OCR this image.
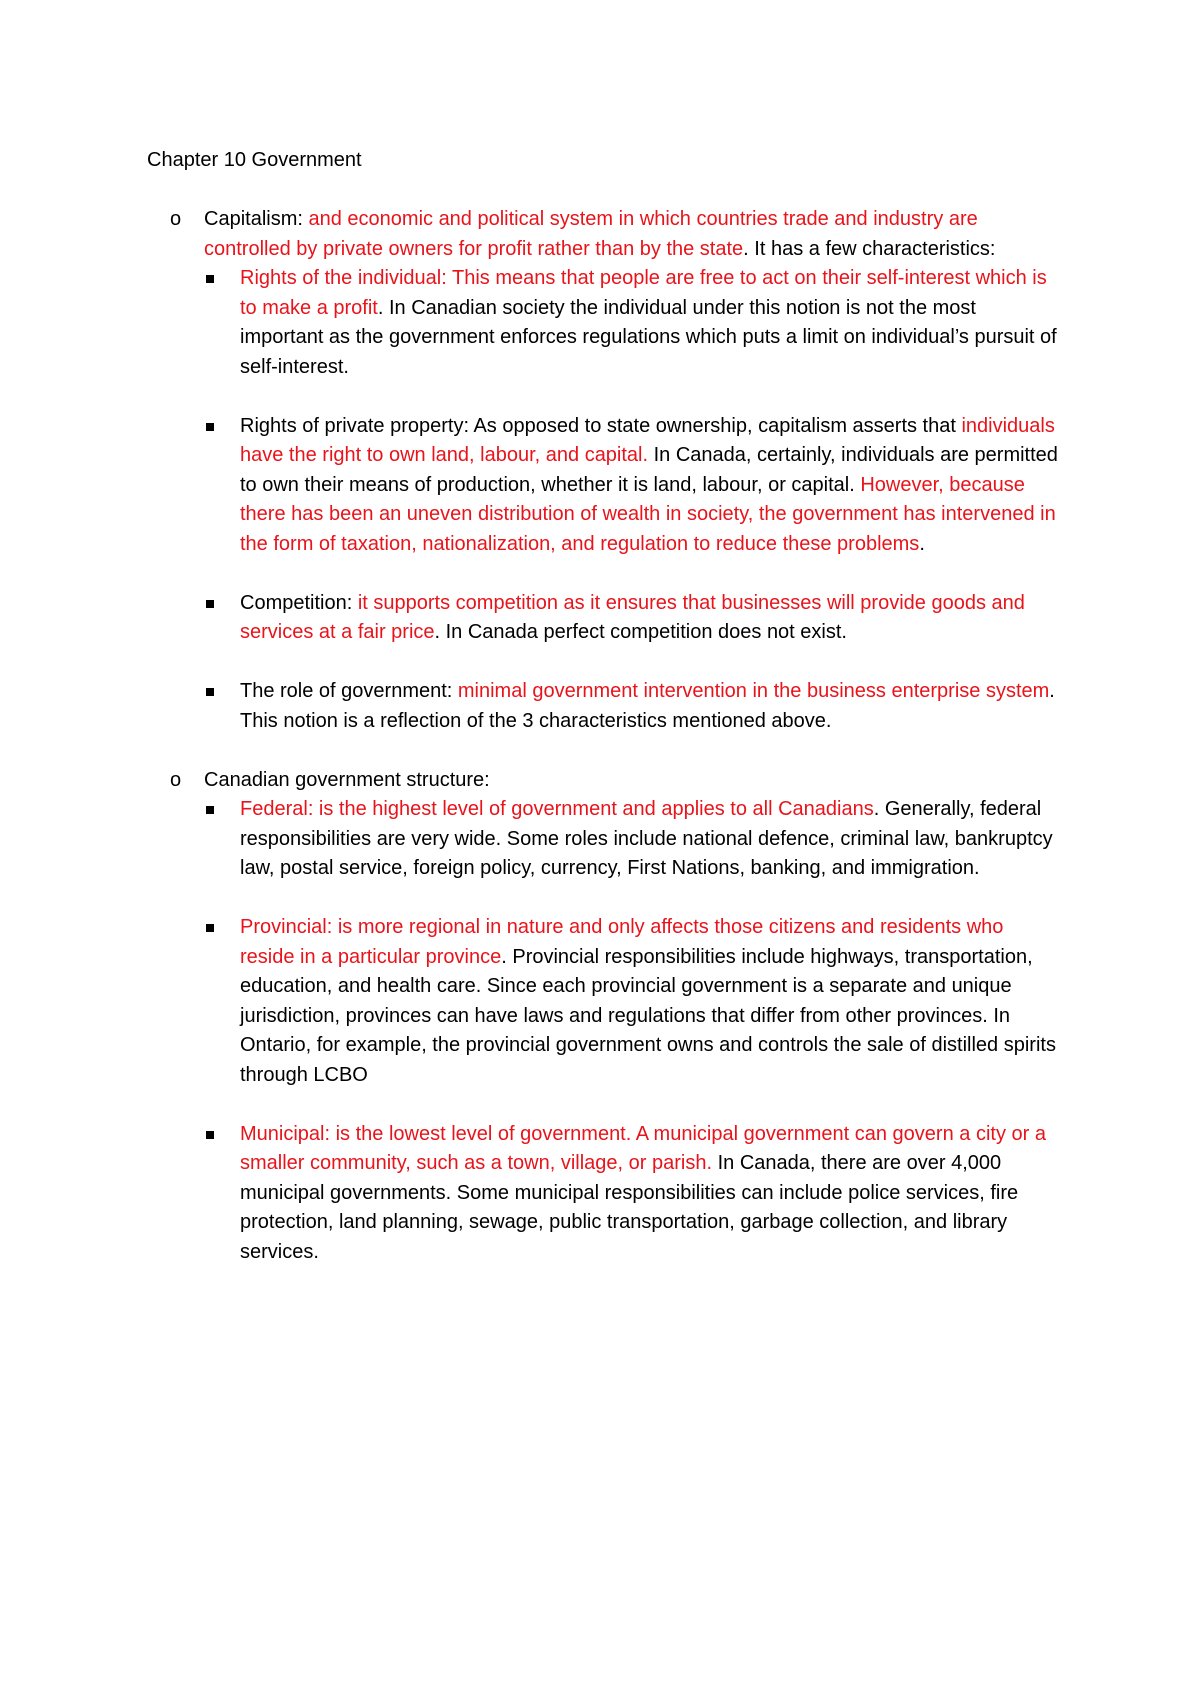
Chapter 10 Government
o Capitalism: and economic and political system in which countries trade and industry are controlled by private owners for profit rather than by the state. It has a few characteristics:
Rights of the individual: This means that people are free to act on their self-interest which is to make a profit. In Canadian society the individual under this notion is not the most important as the government enforces regulations which puts a limit on individual’s pursuit of self-interest.
Rights of private property: As opposed to state ownership, capitalism asserts that individuals have the right to own land, labour, and capital. In Canada, certainly, individuals are permitted to own their means of production, whether it is land, labour, or capital. However, because there has been an uneven distribution of wealth in society, the government has intervened in the form of taxation, nationalization, and regulation to reduce these problems.
Competition: it supports competition as it ensures that businesses will provide goods and services at a fair price. In Canada perfect competition does not exist.
The role of government: minimal government intervention in the business enterprise system. This notion is a reflection of the 3 characteristics mentioned above.
o Canadian government structure:
Federal: is the highest level of government and applies to all Canadians. Generally, federal responsibilities are very wide. Some roles include national defence, criminal law, bankruptcy law, postal service, foreign policy, currency, First Nations, banking, and immigration.
Provincial: is more regional in nature and only affects those citizens and residents who reside in a particular province. Provincial responsibilities include highways, transportation, education, and health care. Since each provincial government is a separate and unique jurisdiction, provinces can have laws and regulations that differ from other provinces. In Ontario, for example, the provincial government owns and controls the sale of distilled spirits through LCBO
Municipal: is the lowest level of government. A municipal government can govern a city or a smaller community, such as a town, village, or parish. In Canada, there are over 4,000 municipal governments. Some municipal responsibilities can include police services, fire protection, land planning, sewage, public transportation, garbage collection, and library services.
